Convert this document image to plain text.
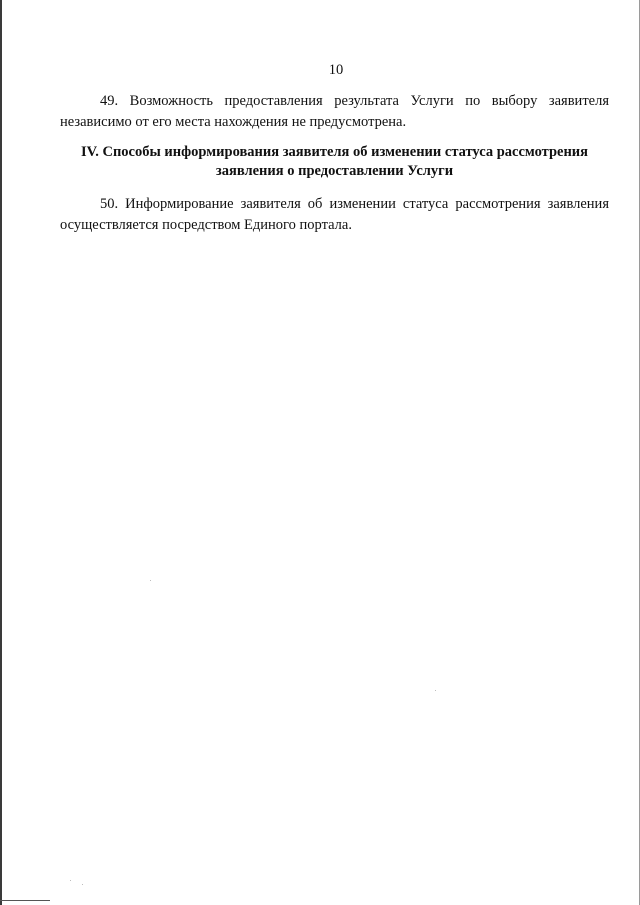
10

49. Возможность предоставления результата Услуги по выбору заявителя
независимо от его места нахождения не предусмотрена.

IV. Способы информирования заявителя об изменении статуса рассмотрения
заявления о предоставлении Услуги

50. Информирование заявителя об изменении статуса рассмотрения заявления
осуществляется посредством Единого портала.
